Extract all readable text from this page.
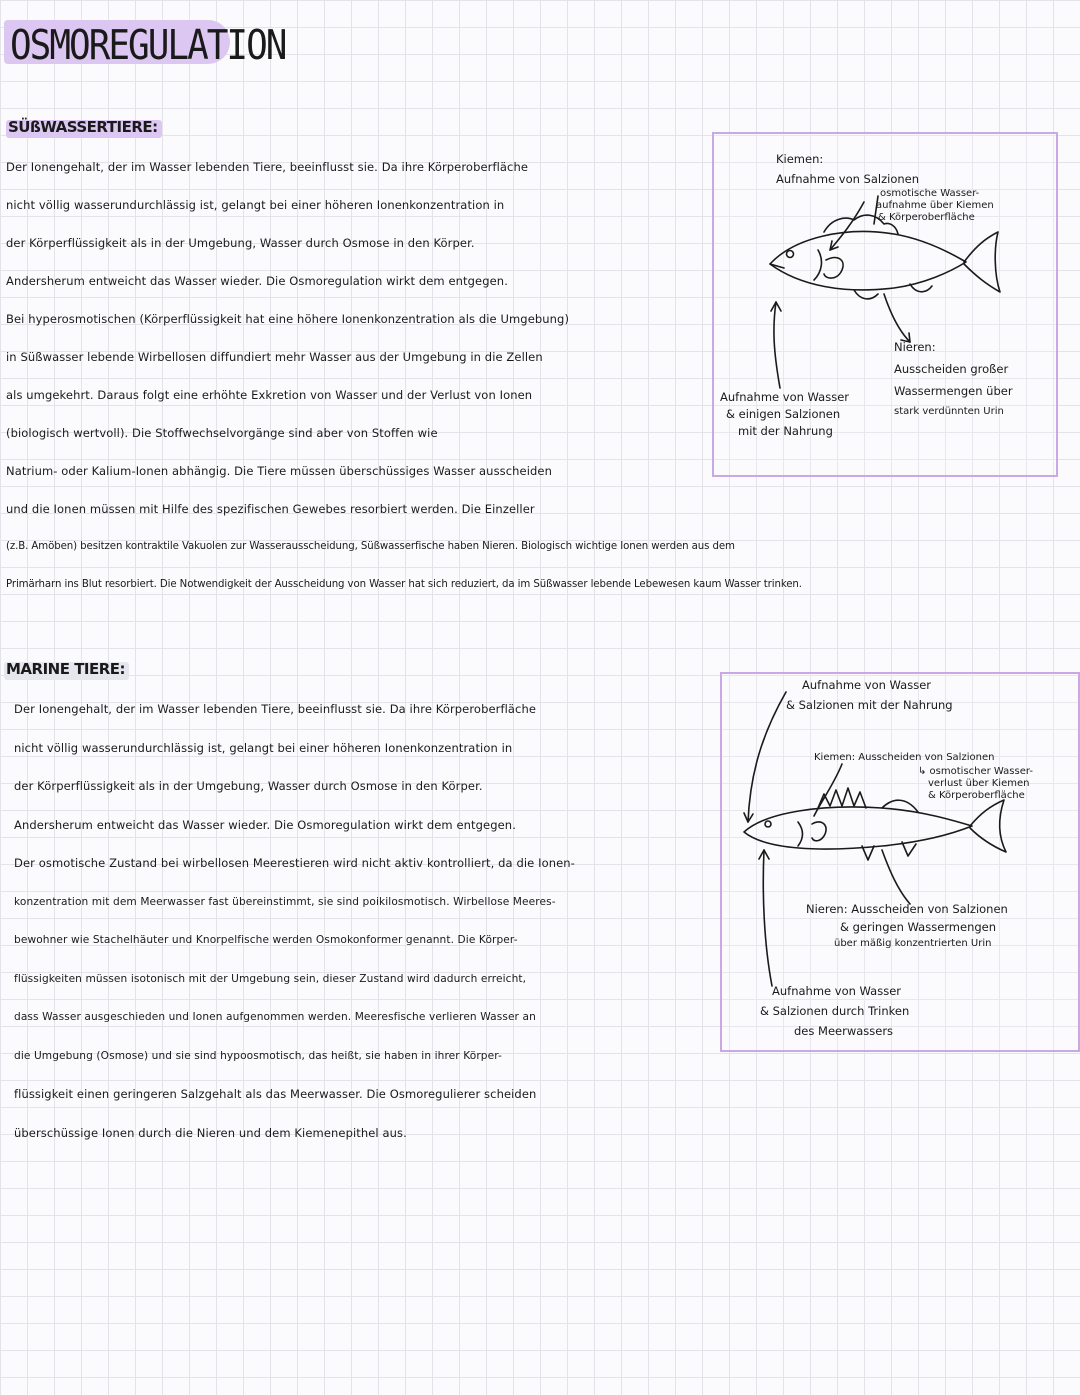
OSMOREGULATION
SÜßWASSERTIERE:

Der Ionengehalt, der im Wasser lebenden Tiere, beeinflusst sie. Da ihre Körperoberfläche

nicht völlig wasserundurchlässig ist, gelangt bei einer höheren Ionenkonzentration in

der Körperflüssigkeit als in der Umgebung, Wasser durch Osmose in den Körper.

Andersherum entweicht das Wasser wieder. Die Osmoregulation wirkt dem entgegen.

Bei hyperosmotischen (Körperflüssigkeit hat eine höhere Ionenkonzentration als die Umgebung)

in Süßwasser lebende Wirbellosen diffundiert mehr Wasser aus der Umgebung in die Zellen

als umgekehrt. Daraus folgt eine erhöhte Exkretion von Wasser und der Verlust von Ionen

(biologisch wertvoll). Die Stoffwechselvorgänge sind aber von Stoffen wie

Natrium- oder Kalium-Ionen abhängig. Die Tiere müssen überschüssiges Wasser ausscheiden

und die Ionen müssen mit Hilfe des spezifischen Gewebes resorbiert werden. Die Einzeller

(z.B. Amöben) besitzen kontraktile Vakuolen zur Wasserausscheidung, Süßwasserfische haben Nieren. Biologisch wichtige Ionen werden aus dem

Primärharn ins Blut resorbiert. Die Notwendigkeit der Ausscheidung von Wasser hat sich reduziert, da im Süßwasser lebende Lebewesen kaum Wasser trinken.

Kiemen:
Aufnahme von Salzionen
osmotische Wasser-
aufnahme über Kiemen
& Körperoberfläche
Aufnahme von Wasser
& einigen Salzionen
mit der Nahrung
Nieren:
Ausscheiden großer
Wassermengen über
stark verdünnten Urin
MARINE TIERE:

Der Ionengehalt, der im Wasser lebenden Tiere, beeinflusst sie. Da ihre Körperoberfläche

nicht völlig wasserundurchlässig ist, gelangt bei einer höheren Ionenkonzentration in

der Körperflüssigkeit als in der Umgebung, Wasser durch Osmose in den Körper.

Andersherum entweicht das Wasser wieder. Die Osmoregulation wirkt dem entgegen.

Der osmotische Zustand bei wirbellosen Meerestieren wird nicht aktiv kontrolliert, da die Ionen-

konzentration mit dem Meerwasser fast übereinstimmt, sie sind poikilosmotisch. Wirbellose Meeres-

bewohner wie Stachelhäuter und Knorpelfische werden Osmokonformer genannt. Die Körper-

flüssigkeiten müssen isotonisch mit der Umgebung sein, dieser Zustand wird dadurch erreicht,

dass Wasser ausgeschieden und Ionen aufgenommen werden. Meeresfische verlieren Wasser an

die Umgebung (Osmose) und sie sind hypoosmotisch, das heißt, sie haben in ihrer Körper-

flüssigkeit einen geringeren Salzgehalt als das Meerwasser. Die Osmoregulierer scheiden

überschüssige Ionen durch die Nieren und dem Kiemenepithel aus.

Aufnahme von Wasser
& Salzionen mit der Nahrung
Kiemen: Ausscheiden von Salzionen
↳ osmotischer Wasser-
verlust über Kiemen
& Körperoberfläche
Nieren: Ausscheiden von Salzionen
& geringen Wassermengen
über mäßig konzentrierten Urin
Aufnahme von Wasser
& Salzionen durch Trinken
des Meerwassers
